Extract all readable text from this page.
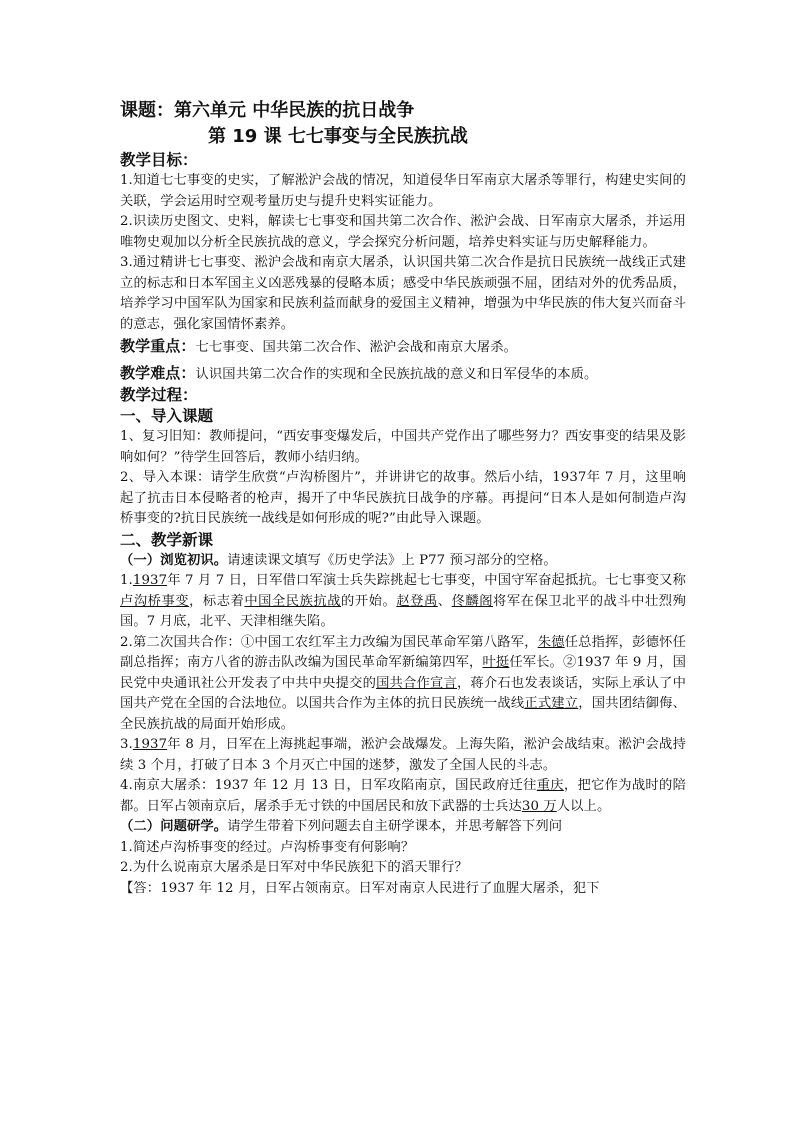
课题：第六单元 中华民族的抗日战争

第 19 课 七七事变与全民族抗战

教学目标：

1.知道七七事变的史实，了解淞沪会战的情况，知道侵华日军南京大屠杀等罪行，构建史实间的关联，学会运用时空观考量历史与提升史料实证能力。

2.识读历史图文、史料，解读七七事变和国共第二次合作、淞沪会战、日军南京大屠杀，并运用唯物史观加以分析全民族抗战的意义，学会探究分析问题，培养史料实证与历史解释能力。

3.通过精讲七七事变、淞沪会战和南京大屠杀，认识国共第二次合作是抗日民族统一战线正式建立的标志和日本军国主义凶恶残暴的侵略本质；感受中华民族顽强不屈，团结对外的优秀品质，培养学习中国军队为国家和民族利益而献身的爱国主义精神，增强为中华民族的伟大复兴而奋斗的意志，强化家国情怀素养。

教学重点：七七事变、国共第二次合作、淞沪会战和南京大屠杀。

教学难点：认识国共第二次合作的实现和全民族抗战的意义和日军侵华的本质。

教学过程：

一、导入课题

1、复习旧知：教师提问，“西安事变爆发后，中国共产党作出了哪些努力？西安事变的结果及影响如何？”待学生回答后，教师小结归纳。

2、导入本课：请学生欣赏“卢沟桥图片”，并讲讲它的故事。然后小结，1937年 7 月，这里响起了抗击日本侵略者的枪声，揭开了中华民族抗日战争的序幕。再提问“日本人是如何制造卢沟桥事变的?抗日民族统一战线是如何形成的呢?”由此导入课题。

二、教学新课

（一）浏览初识。请速读课文填写《历史学法》上 P77 预习部分的空格。

1.1937年 7 月 7 日，日军借口军演士兵失踪挑起七七事变，中国守军奋起抵抗。七七事变又称卢沟桥事变，标志着中国全民族抗战的开始。赵登禹、佟麟阁将军在保卫北平的战斗中壮烈殉国。7 月底，北平、天津相继失陷。

2.第二次国共合作：①中国工农红军主力改编为国民革命军第八路军，朱德任总指挥，彭德怀任副总指挥；南方八省的游击队改编为国民革命军新编第四军，叶挺任军长。②1937 年 9 月，国民党中央通讯社公开发表了中共中央提交的国共合作宣言，蒋介石也发表谈话，实际上承认了中国共产党在全国的合法地位。以国共合作为主体的抗日民族统一战线正式建立，国共团结御侮、全民族抗战的局面开始形成。

3.1937年 8 月，日军在上海挑起事端，淞沪会战爆发。上海失陷，淞沪会战结束。淞沪会战持续 3 个月，打破了日本 3 个月灭亡中国的迷梦，激发了全国人民的斗志。

4.南京大屠杀：1937 年 12 月 13 日，日军攻陷南京，国民政府迁往重庆，把它作为战时的陪都。日军占领南京后，屠杀手无寸铁的中国居民和放下武器的士兵达30 万人以上。

（二）问题研学。请学生带着下列问题去自主研学课本，并思考解答下列问

1.简述卢沟桥事变的经过。卢沟桥事变有何影响？

2.为什么说南京大屠杀是日军对中华民族犯下的滔天罪行？

【答：1937 年 12 月，日军占领南京。日军对南京人民进行了血腥大屠杀，犯下
